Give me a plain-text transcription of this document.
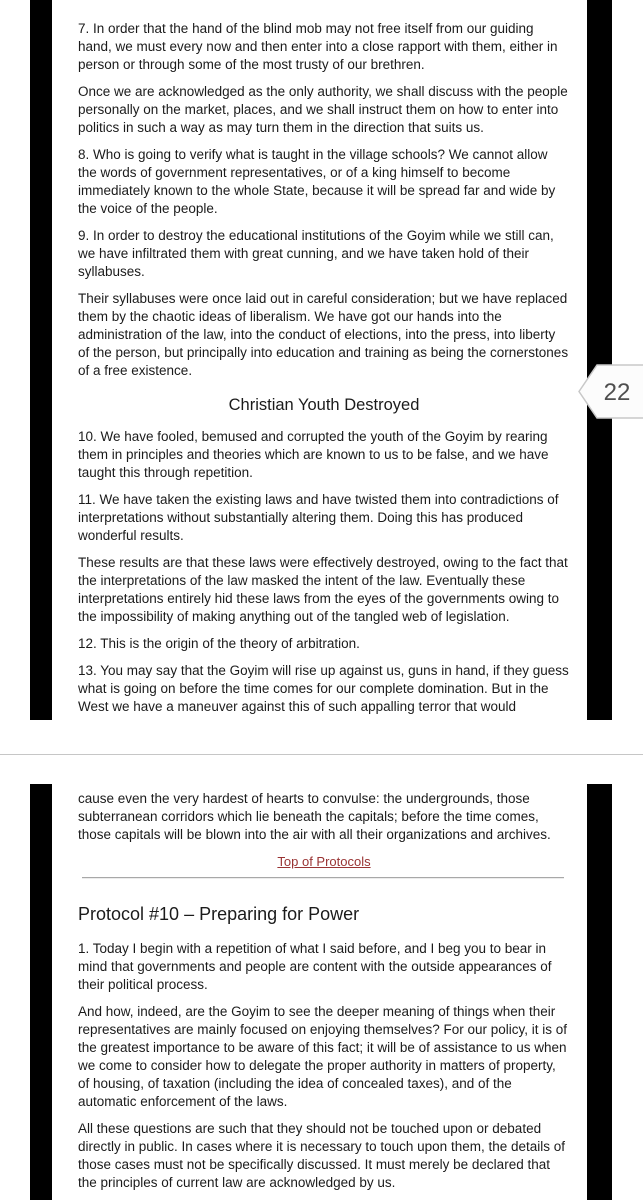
7. In order that the hand of the blind mob may not free itself from our guiding hand, we must every now and then enter into a close rapport with them, either in person or through some of the most trusty of our brethren.

Once we are acknowledged as the only authority, we shall discuss with the people personally on the market, places, and we shall instruct them on how to enter into politics in such a way as may turn them in the direction that suits us.

8. Who is going to verify what is taught in the village schools? We cannot allow the words of government representatives, or of a king himself to become immediately known to the whole State, because it will be spread far and wide by the voice of the people.

9. In order to destroy the educational institutions of the Goyim while we still can, we have infiltrated them with great cunning, and we have taken hold of their syllabuses.

Their syllabuses were once laid out in careful consideration; but we have replaced them by the chaotic ideas of liberalism. We have got our hands into the administration of the law, into the conduct of elections, into the press, into liberty of the person, but principally into education and training as being the cornerstones of a free existence.

Christian Youth Destroyed

10. We have fooled, bemused and corrupted the youth of the Goyim by rearing them in principles and theories which are known to us to be false, and we have taught this through repetition.

11. We have taken the existing laws and have twisted them into contradictions of interpretations without substantially altering them. Doing this has produced wonderful results.

These results are that these laws were effectively destroyed, owing to the fact that the interpretations of the law masked the intent of the law. Eventually these interpretations entirely hid these laws from the eyes of the governments owing to the impossibility of making anything out of the tangled web of legislation.

12. This is the origin of the theory of arbitration.

13. You may say that the Goyim will rise up against us, guns in hand, if they guess what is going on before the time comes for our complete domination. But in the West we have a maneuver against this of such appalling terror that would

cause even the very hardest of hearts to convulse: the undergrounds, those subterranean corridors which lie beneath the capitals; before the time comes, those capitals will be blown into the air with all their organizations and archives.

Top of Protocols

Protocol #10 – Preparing for Power

1. Today I begin with a repetition of what I said before, and I beg you to bear in mind that governments and people are content with the outside appearances of their political process.

And how, indeed, are the Goyim to see the deeper meaning of things when their representatives are mainly focused on enjoying themselves? For our policy, it is of the greatest importance to be aware of this fact; it will be of assistance to us when we come to consider how to delegate the proper authority in matters of property, of housing, of taxation (including the idea of concealed taxes), and of the automatic enforcement of the laws.

All these questions are such that they should not be touched upon or debated directly in public. In cases where it is necessary to touch upon them, the details of those cases must not be specifically discussed. It must merely be declared that the principles of current law are acknowledged by us.

22
